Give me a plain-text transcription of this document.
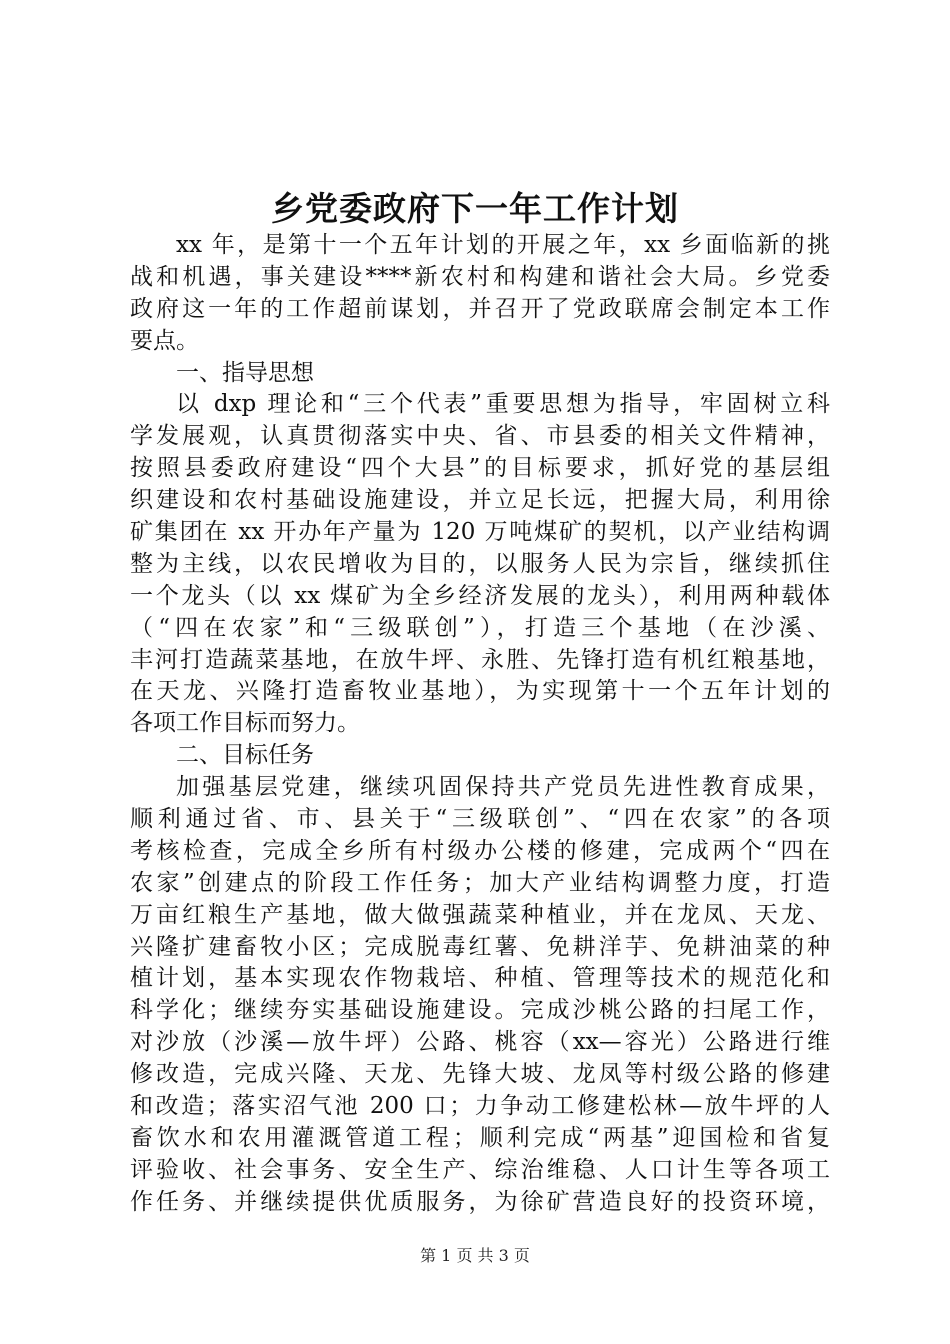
乡党委政府下一年工作计划
xx 年，是第十一个五年计划的开展之年，xx 乡面临新的挑
战和机遇，事关建设****新农村和构建和谐社会大局。乡党委
政府这一年的工作超前谋划，并召开了党政联席会制定本工作
要点。
一、指导思想
以 dxp 理论和“三个代表”重要思想为指导，牢固树立科
学发展观，认真贯彻落实中央、省、市县委的相关文件精神，
按照县委政府建设“四个大县”的目标要求，抓好党的基层组
织建设和农村基础设施建设，并立足长远，把握大局，利用徐
矿集团在 xx 开办年产量为 120 万吨煤矿的契机，以产业结构调
整为主线，以农民增收为目的，以服务人民为宗旨，继续抓住
一个龙头（以 xx 煤矿为全乡经济发展的龙头），利用两种载体
（“四在农家”和“三级联创”），打造三个基地（在沙溪、
丰河打造蔬菜基地，在放牛坪、永胜、先锋打造有机红粮基地，
在天龙、兴隆打造畜牧业基地），为实现第十一个五年计划的
各项工作目标而努力。
二、目标任务
加强基层党建，继续巩固保持共产党员先进性教育成果，
顺利通过省、市、县关于“三级联创”、“四在农家”的各项
考核检查，完成全乡所有村级办公楼的修建，完成两个“四在
农家”创建点的阶段工作任务；加大产业结构调整力度，打造
万亩红粮生产基地，做大做强蔬菜种植业，并在龙凤、天龙、
兴隆扩建畜牧小区；完成脱毒红薯、免耕洋芋、免耕油菜的种
植计划，基本实现农作物栽培、种植、管理等技术的规范化和
科学化；继续夯实基础设施建设。完成沙桃公路的扫尾工作，
对沙放（沙溪—放牛坪）公路、桃容（xx—容光）公路进行维
修改造，完成兴隆、天龙、先锋大坡、龙凤等村级公路的修建
和改造；落实沼气池 200 口；力争动工修建松林—放牛坪的人
畜饮水和农用灌溉管道工程；顺利完成“两基”迎国检和省复
评验收、社会事务、安全生产、综治维稳、人口计生等各项工
作任务、并继续提供优质服务，为徐矿营造良好的投资环境，
第 1 页 共 3 页
